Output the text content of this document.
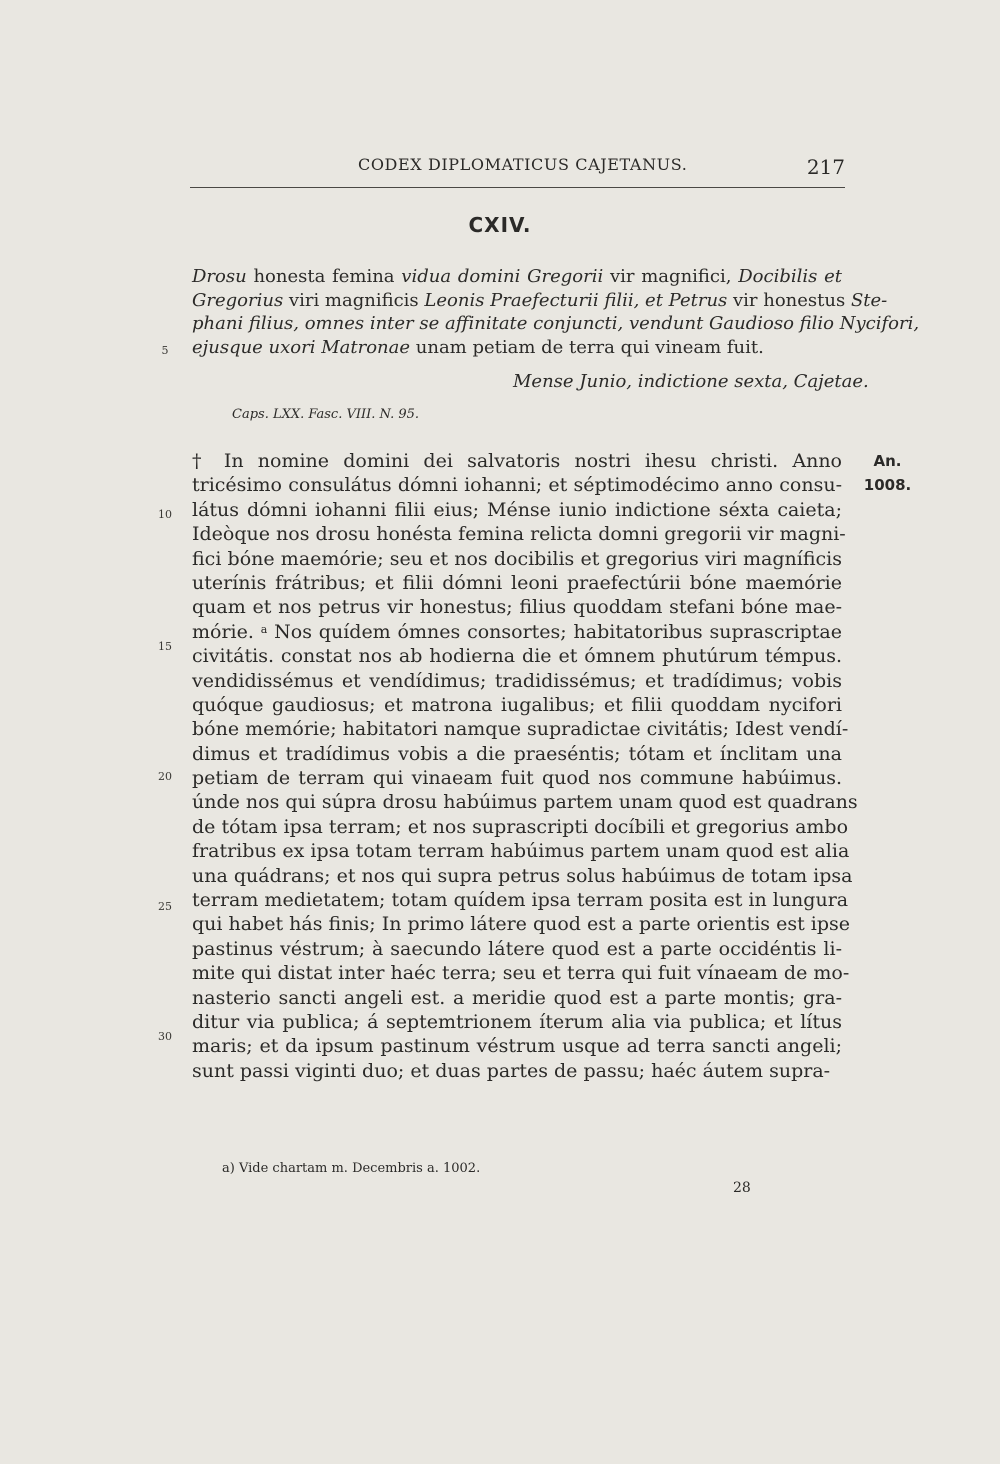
CODEX DIPLOMATICUS CAJETANUS.	217
CXIV.
Drosu honesta femina vidua domini Gregorii vir magnifici, Docibilis et
Gregorius viri magnificis Leonis Praefecturii filii, et Petrus vir honestus Ste-
phani filius, omnes inter se affinitate conjuncti, vendunt Gaudioso filio Nycifori,
ejusque uxori Matronae unam petiam de terra qui vineam fuit.
Mense Junio, indictione sexta, Cajetae.
Caps. LXX. Fasc. VIII. N. 95.
† In nomine domini dei salvatoris nostri ihesu christi. Anno
tricésimo consulátus dómni iohanni; et séptimodécimo anno consu-
látus dómni iohanni filii eius; Ménse iunio indictione séxta caieta;
Ideòque nos drosu honésta femina relicta domni gregorii vir magni-
fici bóne maemórie; seu et nos docibilis et gregorius viri magníficis
uterínis frátribus; et filii dómni leoni praefectúrii bóne maemórie
quam et nos petrus vir honestus; filius quoddam stefani bóne mae-
mórie. $^a$ Nos quídem ómnes consortes; habitatoribus suprascriptae
civitátis. constat nos ab hodierna die et ómnem phutúrum témpus.
vendidissémus et vendídimus; tradidissémus; et tradídimus; vobis
quóque gaudiosus; et matrona iugalibus; et filii quoddam nycifori
bóne memórie; habitatori namque supradictae civitátis; Idest vendí-
dimus et tradídimus vobis a die praeséntis; tótam et ínclitam una
petiam de terram qui vinaeam fuit quod nos commune habúimus.
únde nos qui súpra drosu habúimus partem unam quod est quadrans
de tótam ipsa terram; et nos suprascripti docíbili et gregorius ambo
fratribus ex ipsa totam terram habúimus partem unam quod est alia
una quádrans; et nos qui supra petrus solus habúimus de totam ipsa
terram medietatem; totam quídem ipsa terram posita est in lungura
qui habet hás finis; In primo látere quod est a parte orientis est ipse
pastinus véstrum; à saecundo látere quod est a parte occidéntis li-
mite qui distat inter haéc terra; seu et terra qui fuit vínaeam de mo-
nasterio sancti angeli est. a meridie quod est a parte montis; gra-
ditur via publica; á septemtrionem íterum alia via publica; et lítus
maris; et da ipsum pastinum véstrum usque ad terra sancti angeli;
sunt passi viginti duo; et duas partes de passu; haéc áutem supra-
5
10
15
20
25
30
An.
1008.
a) Vide chartam m. Decembris a. 1002.
28
